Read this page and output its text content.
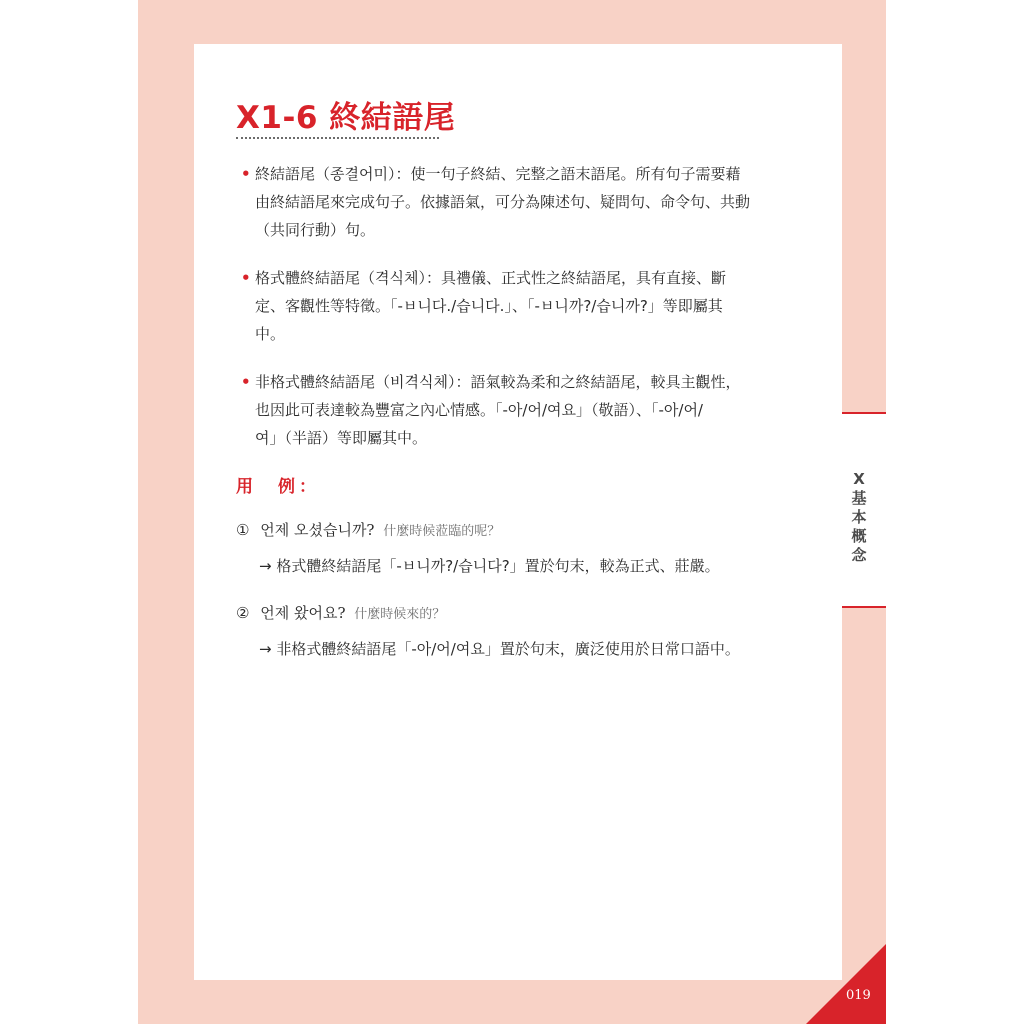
X1-6 終結語尾
• 終結語尾（종결어미）：使一句子終結、完整之語末語尾。所有句子需要藉
由終結語尾來完成句子。依據語氣，可分為陳述句、疑問句、命令句、共動
（共同行動）句。
• 格式體終結語尾（격식체）：具禮儀、正式性之終結語尾，具有直接、斷
定、客觀性等特徵。「-ㅂ니다./습니다.」、「-ㅂ니까?/습니까?」等即屬其
中。
• 非格式體終結語尾（비격식체）：語氣較為柔和之終結語尾，較具主觀性，
也因此可表達較為豐富之內心情感。「-아/어/여요」（敬語）、「-아/어/
여」（半語）等即屬其中。
用　例：
① 언제 오셨습니까? 什麼時候蒞臨的呢？
→ 格式體終結語尾「-ㅂ니까?/습니다?」置於句末，較為正式、莊嚴。
② 언제 왔어요? 什麼時候來的？
→ 非格式體終結語尾「-아/어/여요」置於句末，廣泛使用於日常口語中。
X
基
本
概
念
019
